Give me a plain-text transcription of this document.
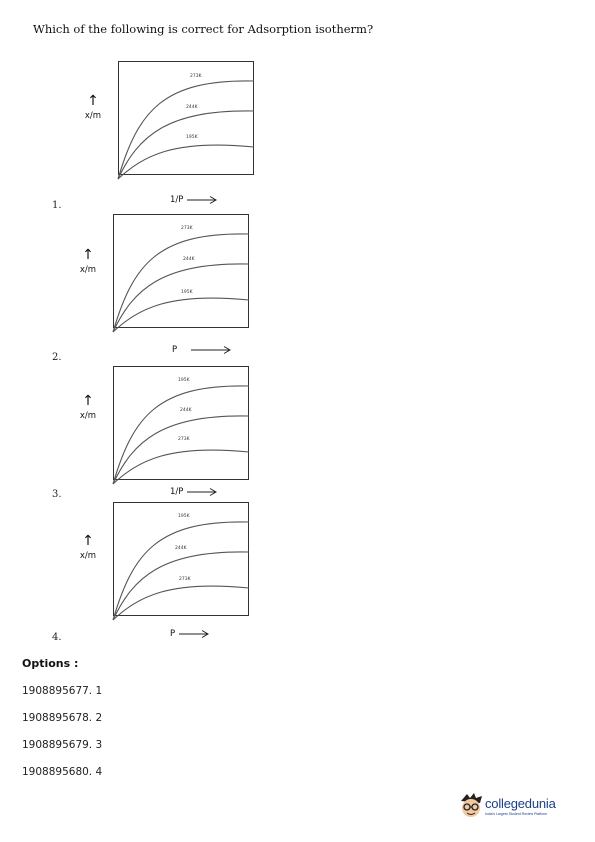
Which of the following is correct for Adsorption isotherm?
↑
x/m
273K
244K
195K
1/P
1.
↑
x/m
273K
244K
195K
P
2.
↑
x/m
195K
244K
273K
1/P
3.
↑
x/m
195K
244K
273K
P
4.
Options :
1908895677. 1
1908895678. 2
1908895679. 3
1908895680. 4
collegedunia
India's Largest Student Review Platform
